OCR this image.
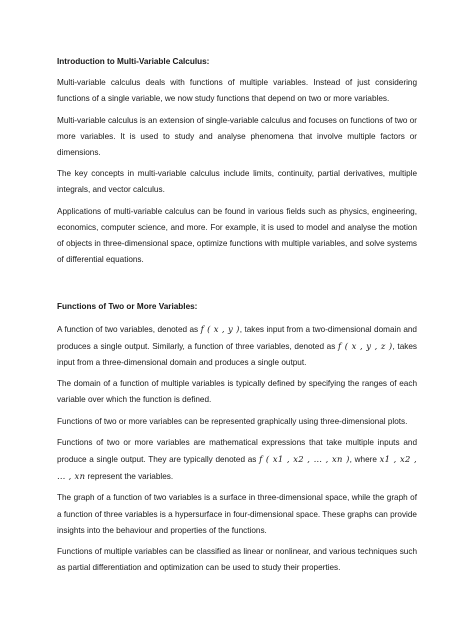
Introduction to Multi-Variable Calculus:

Multi-variable calculus deals with functions of multiple variables. Instead of just considering functions of a single variable, we now study functions that depend on two or more variables.

Multi-variable calculus is an extension of single-variable calculus and focuses on functions of two or more variables. It is used to study and analyse phenomena that involve multiple factors or dimensions.

The key concepts in multi-variable calculus include limits, continuity, partial derivatives, multiple integrals, and vector calculus.

Applications of multi-variable calculus can be found in various fields such as physics, engineering, economics, computer science, and more. For example, it is used to model and analyse the motion of objects in three-dimensional space, optimize functions with multiple variables, and solve systems of differential equations.

Functions of Two or More Variables:

A function of two variables, denoted as f ( x , y ), takes input from a two-dimensional domain and produces a single output. Similarly, a function of three variables, denoted as f ( x , y , z ), takes input from a three-dimensional domain and produces a single output.

The domain of a function of multiple variables is typically defined by specifying the ranges of each variable over which the function is defined.

Functions of two or more variables can be represented graphically using three-dimensional plots.

Functions of two or more variables are mathematical expressions that take multiple inputs and produce a single output. They are typically denoted as f ( x1 , x2 , … , xn ), where x1 , x2 , … , xn represent the variables.

The graph of a function of two variables is a surface in three-dimensional space, while the graph of a function of three variables is a hypersurface in four-dimensional space. These graphs can provide insights into the behaviour and properties of the functions.

Functions of multiple variables can be classified as linear or nonlinear, and various techniques such as partial differentiation and optimization can be used to study their properties.
